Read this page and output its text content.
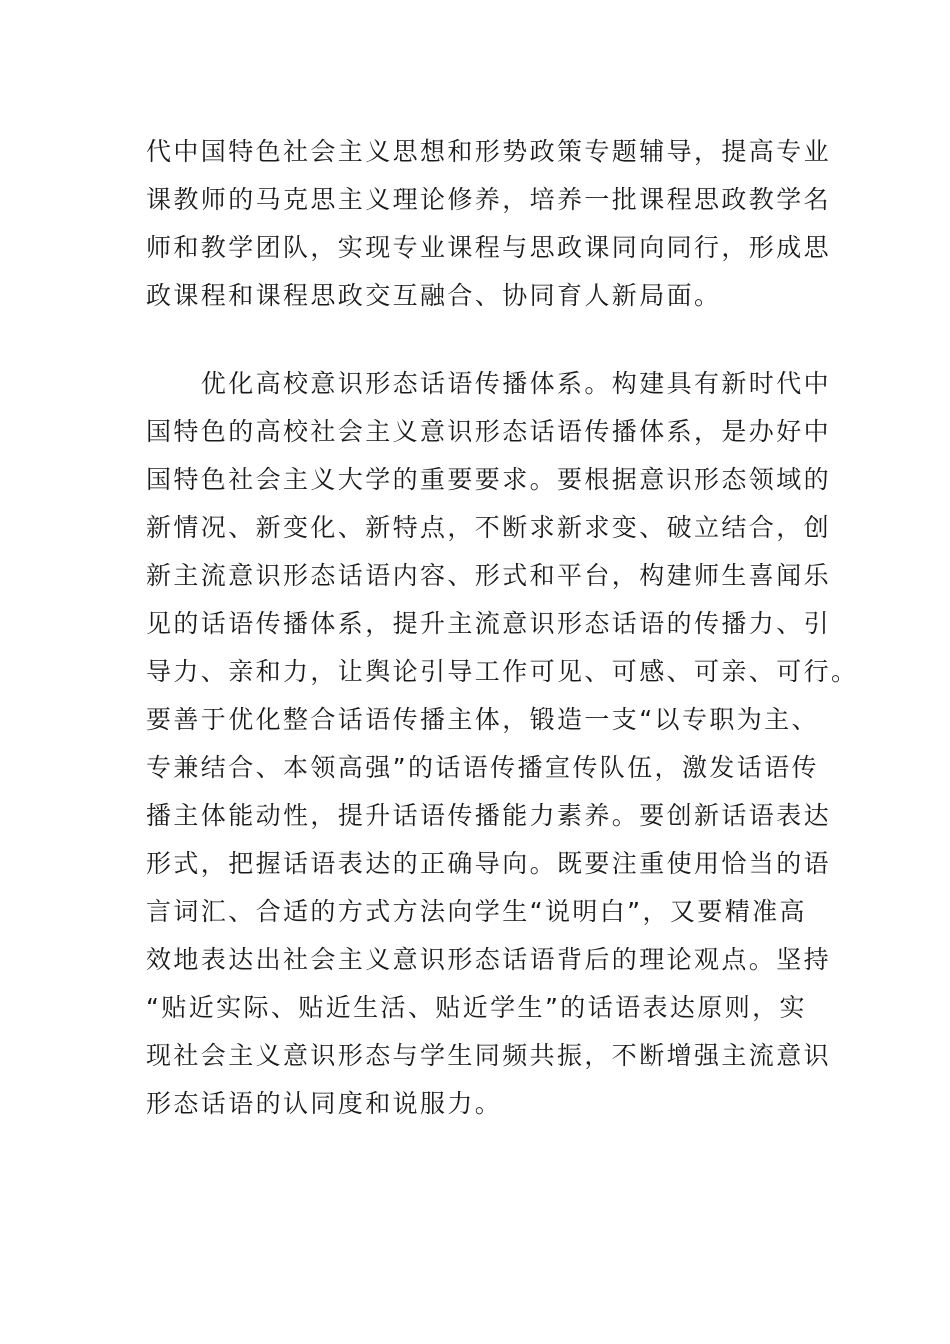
代中国特色社会主义思想和形势政策专题辅导，提高专业
课教师的马克思主义理论修养，培养一批课程思政教学名
师和教学团队，实现专业课程与思政课同向同行，形成思
政课程和课程思政交互融合、协同育人新局面。
　　优化高校意识形态话语传播体系。构建具有新时代中
国特色的高校社会主义意识形态话语传播体系，是办好中
国特色社会主义大学的重要要求。要根据意识形态领域的
新情况、新变化、新特点，不断求新求变、破立结合，创
新主流意识形态话语内容、形式和平台，构建师生喜闻乐
见的话语传播体系，提升主流意识形态话语的传播力、引
导力、亲和力，让舆论引导工作可见、可感、可亲、可行。
要善于优化整合话语传播主体，锻造一支“以专职为主、
专兼结合、本领高强”的话语传播宣传队伍，激发话语传
播主体能动性，提升话语传播能力素养。要创新话语表达
形式，把握话语表达的正确导向。既要注重使用恰当的语
言词汇、合适的方式方法向学生“说明白”，又要精准高
效地表达出社会主义意识形态话语背后的理论观点。坚持
“贴近实际、贴近生活、贴近学生”的话语表达原则，实
现社会主义意识形态与学生同频共振，不断增强主流意识
形态话语的认同度和说服力。
